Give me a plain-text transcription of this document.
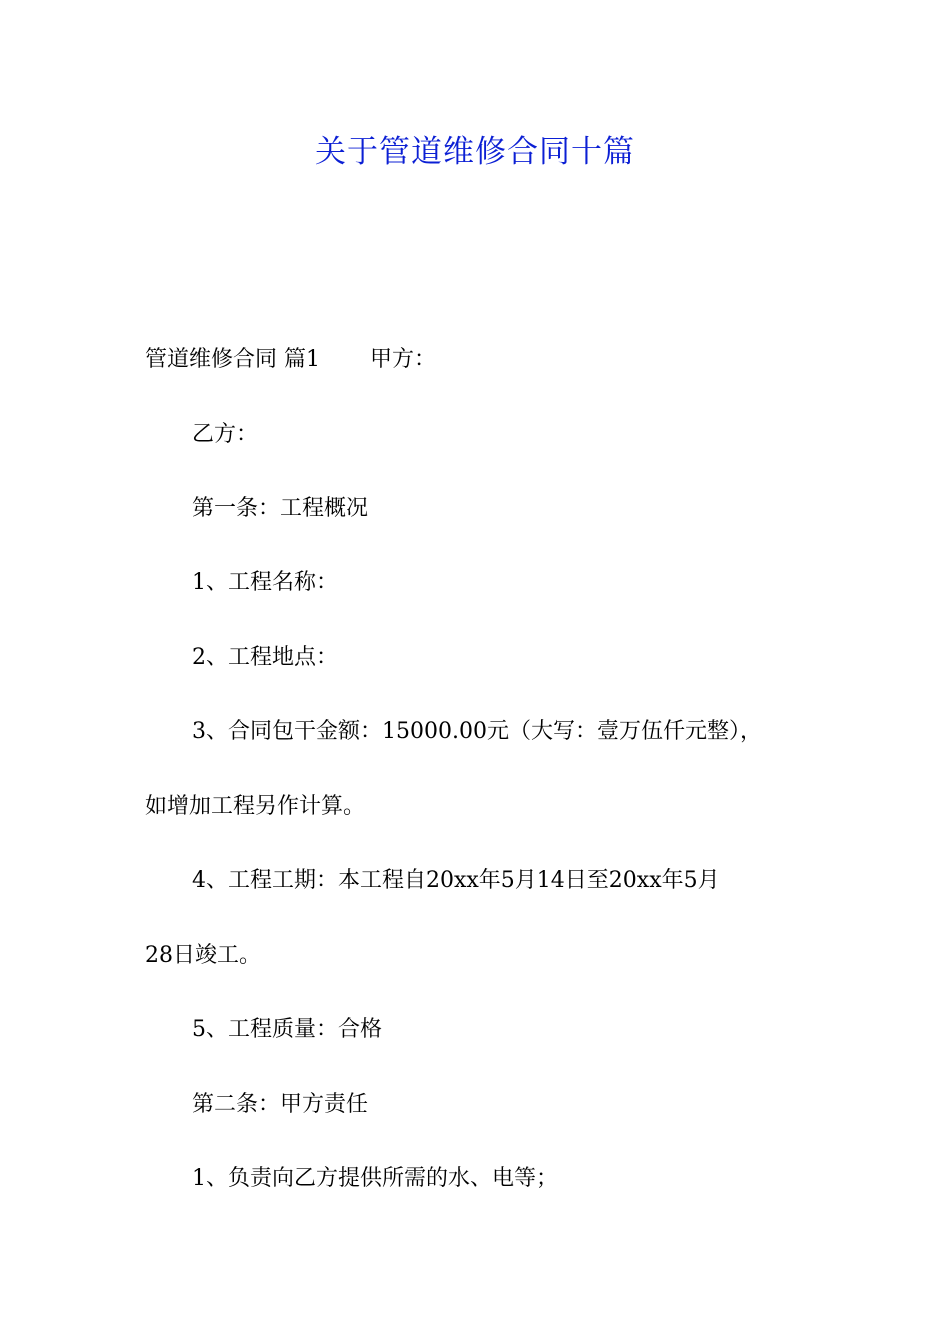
关于管道维修合同十篇

管道维修合同 篇1 甲方：

乙方：

第一条：工程概况

1、工程名称：

2、工程地点：

3、合同包干金额：15000.00元（大写：壹万伍仟元整），

如增加工程另作计算。

4、工程工期：本工程自20xx年5月14日至20xx年5月

28日竣工。

5、工程质量：合格

第二条：甲方责任

1、负责向乙方提供所需的水、电等；
